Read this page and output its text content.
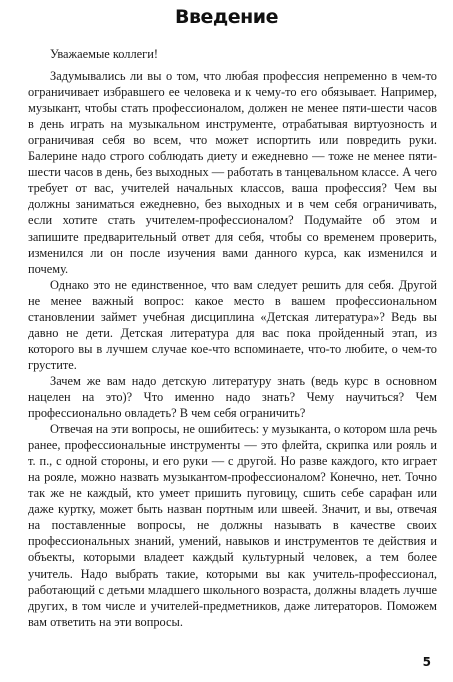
Введение

Уважаемые коллеги!

Задумывались ли вы о том, что любая профессия непременно в чем-то ограничивает избравшего ее человека и к чему-то его обязывает. Например, музыкант, чтобы стать профессионалом, должен не менее пяти-шести часов в день играть на музыкальном инструменте, отрабатывая виртуозность и ограничивая себя во всем, что может испортить или повредить руки. Балерине надо строго соблюдать диету и ежедневно — тоже не менее пяти-шести часов в день, без выходных — работать в танцевальном классе. А чего требует от вас, учителей начальных классов, ваша профессия? Чем вы должны заниматься ежедневно, без выходных и в чем себя ограничивать, если хотите стать учителем-профессионалом? Подумайте об этом и запишите предварительный ответ для себя, чтобы со временем проверить, изменился ли он после изучения вами данного курса, как изменился и почему.

Однако это не единственное, что вам следует решить для себя. Другой не менее важный вопрос: какое место в вашем профессиональном становлении займет учебная дисциплина «Детская литература»? Ведь вы давно не дети. Детская литература для вас пока пройденный этап, из которого вы в лучшем случае кое-что вспоминаете, что-то любите, о чем-то грустите.

Зачем же вам надо детскую литературу знать (ведь курс в основном нацелен на это)? Что именно надо знать? Чему научиться? Чем профессионально овладеть? В чем себя ограничить?

Отвечая на эти вопросы, не ошибитесь: у музыканта, о котором шла речь ранее, профессиональные инструменты — это флейта, скрипка или рояль и т. п., с одной стороны, и его руки — с другой. Но разве каждого, кто играет на рояле, можно назвать музыкантом-профессионалом? Конечно, нет. Точно так же не каждый, кто умеет пришить пуговицу, сшить себе сарафан или даже куртку, может быть назван портным или швеей. Значит, и вы, отвечая на поставленные вопросы, не должны называть в качестве своих профессиональных знаний, умений, навыков и инструментов те действия и объекты, которыми владеет каждый культурный человек, а тем более учитель. Надо выбрать такие, которыми вы как учитель-профессионал, работающий с детьми младшего школьного возраста, должны владеть лучше других, в том числе и учителей-предметников, даже литераторов. Поможем вам ответить на эти вопросы.

5
